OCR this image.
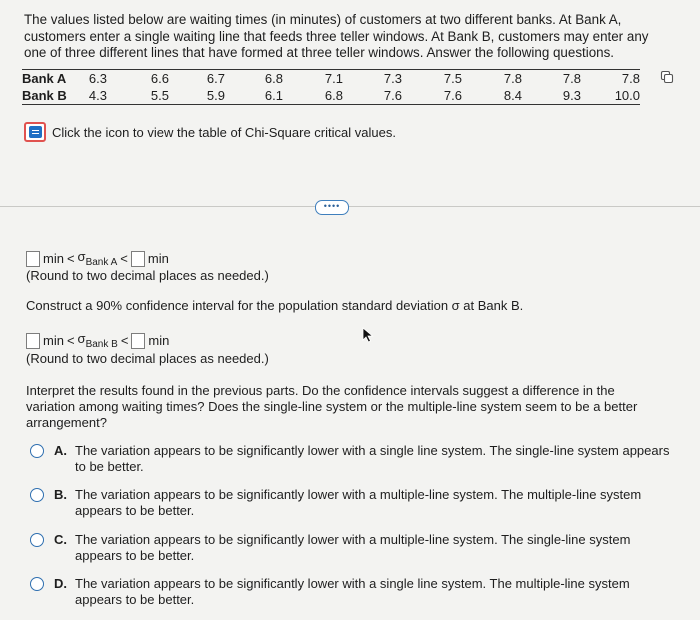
The values listed below are waiting times (in minutes) of customers at two different banks. At Bank A, customers enter a single waiting line that feeds three teller windows. At Bank B, customers may enter any one of three different lines that have formed at three teller windows. Answer the following questions.
Bank A	6.3	6.6	6.7	6.8	7.1	7.3	7.5	7.8	7.8	7.8
Bank B	4.3	5.5	5.9	6.1	6.8	7.6	7.6	8.4	9.3	10.0
Click the icon to view the table of Chi-Square critical values.
••••
$\min < \sigma_{Bank A} < \min$
(Round to two decimal places as needed.)
Construct a 90% confidence interval for the population standard deviation σ at Bank B.
$\min < \sigma_{Bank B} < \min$
(Round to two decimal places as needed.)
Interpret the results found in the previous parts. Do the confidence intervals suggest a difference in the variation among waiting times? Does the single-line system or the multiple-line system seem to be a better arrangement?
A. The variation appears to be significantly lower with a single line system. The single-line system appears to be better.
B. The variation appears to be significantly lower with a multiple-line system. The multiple-line system appears to be better.
C. The variation appears to be significantly lower with a multiple-line system. The single-line system appears to be better.
D. The variation appears to be significantly lower with a single line system. The multiple-line system appears to be better.
